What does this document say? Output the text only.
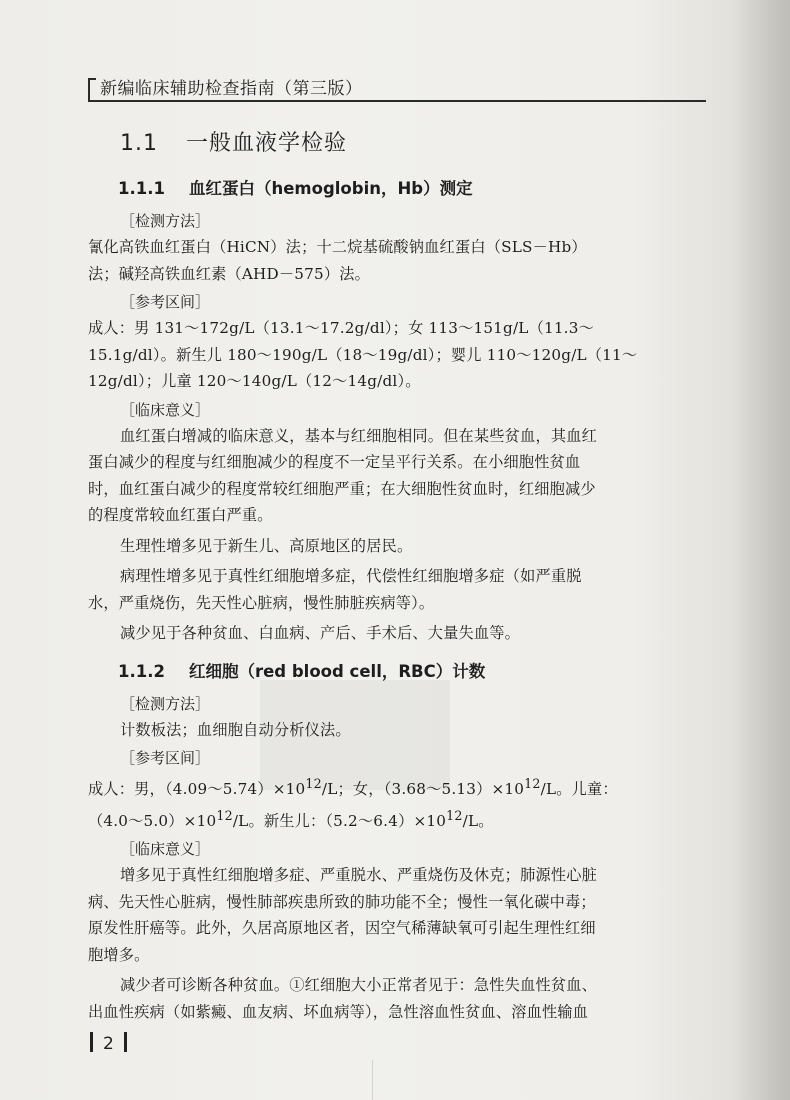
新编临床辅助检查指南（第三版）
1.1 一般血液学检验
1.1.1 血红蛋白（hemoglobin，Hb）测定
［检测方法］

氰化高铁血红蛋白（HiCN）法；十二烷基硫酸钠血红蛋白（SLS－Hb）
法；碱羟高铁血红素（AHD－575）法。

［参考区间］

成人：男 131～172g/L（13.1～17.2g/dl）；女 113～151g/L（11.3～
15.1g/dl）。新生儿 180～190g/L（18～19g/dl）；婴儿 110～120g/L（11～
12g/dl）；儿童 120～140g/L（12～14g/dl）。

［临床意义］

血红蛋白增减的临床意义，基本与红细胞相同。但在某些贫血，其血红
蛋白减少的程度与红细胞减少的程度不一定呈平行关系。在小细胞性贫血
时，血红蛋白减少的程度常较红细胞严重；在大细胞性贫血时，红细胞减少
的程度常较血红蛋白严重。

生理性增多见于新生儿、高原地区的居民。

病理性增多见于真性红细胞增多症，代偿性红细胞增多症（如严重脱
水，严重烧伤，先天性心脏病，慢性肺脏疾病等）。

减少见于各种贫血、白血病、产后、手术后、大量失血等。

1.1.2 红细胞（red blood cell，RBC）计数
［检测方法］

计数板法；血细胞自动分析仪法。

［参考区间］

成人：男，$(4.09\sim 5.74)\times 10^{12}/L$；女，$(3.68\sim 5.13)\times 10^{12}/L$。儿童：
$(4.0\sim 5.0)\times 10^{12}/L$。新生儿：$(5.2\sim 6.4)\times 10^{12}/L$。

［临床意义］

增多见于真性红细胞增多症、严重脱水、严重烧伤及休克；肺源性心脏
病、先天性心脏病，慢性肺部疾患所致的肺功能不全；慢性一氧化碳中毒；
原发性肝癌等。此外，久居高原地区者，因空气稀薄缺氧可引起生理性红细
胞增多。

减少者可诊断各种贫血。①红细胞大小正常者见于：急性失血性贫血、
出血性疾病（如紫癜、血友病、坏血病等），急性溶血性贫血、溶血性输血

2
